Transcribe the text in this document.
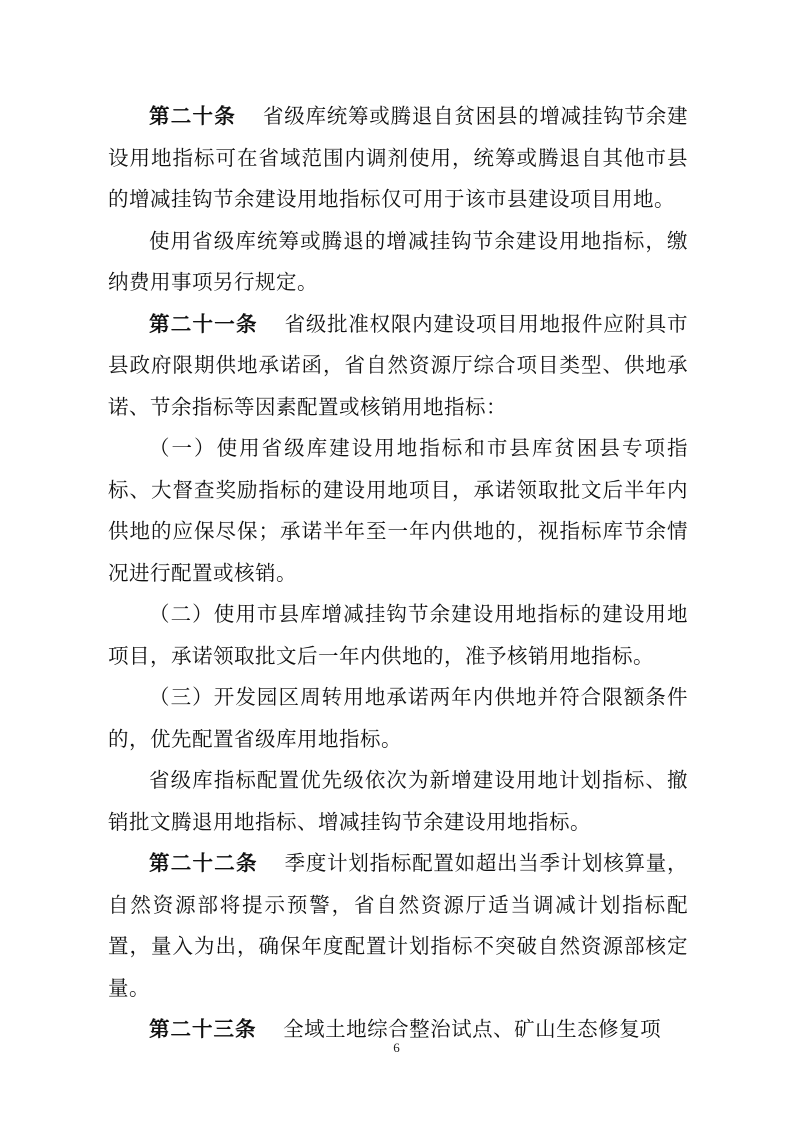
第二十条 省级库统筹或腾退自贫困县的增减挂钩节余建设用地指标可在省域范围内调剂使用，统筹或腾退自其他市县的增减挂钩节余建设用地指标仅可用于该市县建设项目用地。

使用省级库统筹或腾退的增减挂钩节余建设用地指标，缴纳费用事项另行规定。

第二十一条 省级批准权限内建设项目用地报件应附具市县政府限期供地承诺函，省自然资源厅综合项目类型、供地承诺、节余指标等因素配置或核销用地指标：

（一）使用省级库建设用地指标和市县库贫困县专项指标、大督查奖励指标的建设用地项目，承诺领取批文后半年内供地的应保尽保；承诺半年至一年内供地的，视指标库节余情况进行配置或核销。

（二）使用市县库增减挂钩节余建设用地指标的建设用地项目，承诺领取批文后一年内供地的，准予核销用地指标。

（三）开发园区周转用地承诺两年内供地并符合限额条件的，优先配置省级库用地指标。

省级库指标配置优先级依次为新增建设用地计划指标、撤销批文腾退用地指标、增减挂钩节余建设用地指标。

第二十二条 季度计划指标配置如超出当季计划核算量，自然资源部将提示预警，省自然资源厅适当调减计划指标配置，量入为出，确保年度配置计划指标不突破自然资源部核定量。

第二十三条 全域土地综合整治试点、矿山生态修复项

6
